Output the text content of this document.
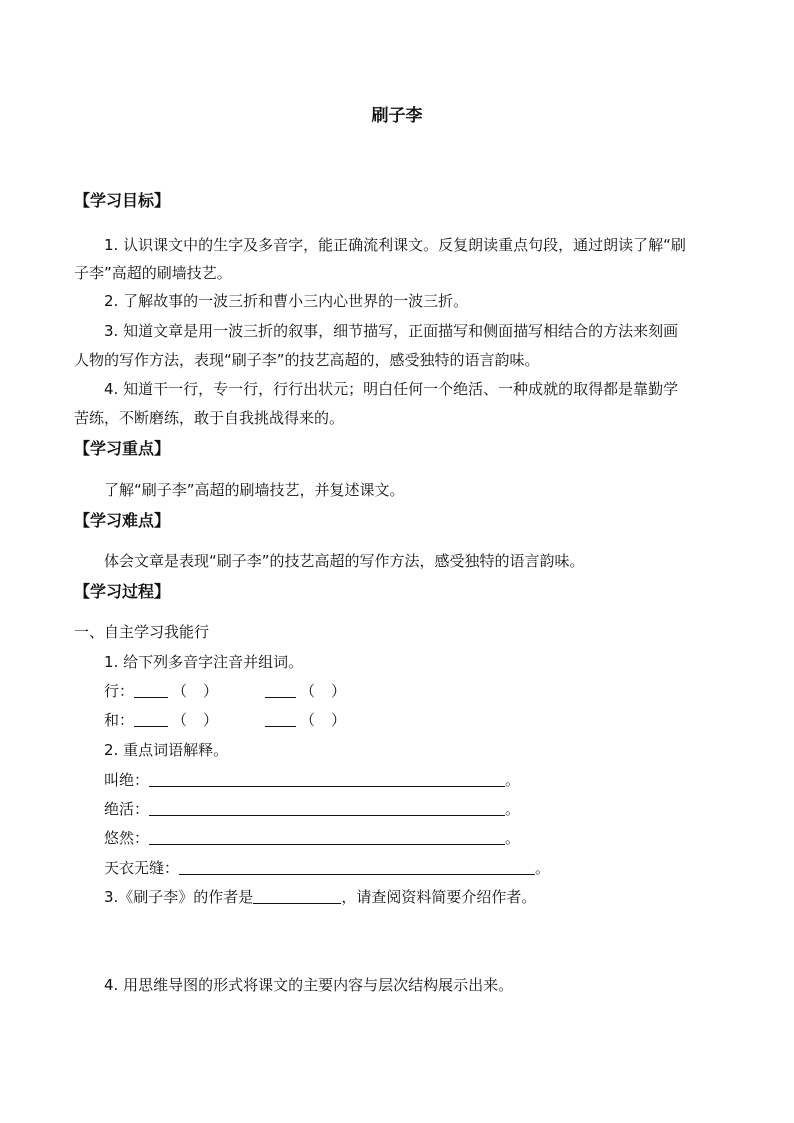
刷子李
【学习目标】
1. 认识课文中的生字及多音字，能正确流利课文。反复朗读重点句段，通过朗读了解“刷
子李”高超的刷墙技艺。
2. 了解故事的一波三折和曹小三内心世界的一波三折。
3. 知道文章是用一波三折的叙事，细节描写，正面描写和侧面描写相结合的方法来刻画
人物的写作方法，表现“刷子李”的技艺高超的，感受独特的语言韵味。
4. 知道干一行，专一行，行行出状元；明白任何一个绝活、一种成就的取得都是靠勤学
苦练，不断磨练，敢于自我挑战得来的。
【学习重点】
了解“刷子李”高超的刷墙技艺，并复述课文。
【学习难点】
体会文章是表现“刷子李”的技艺高超的写作方法，感受独特的语言韵味。
【学习过程】
一、自主学习我能行
1. 给下列多音字注音并组词。
行：	（ ）	（ ）
和：	（ ）	（ ）
2. 重点词语解释。
叫绝：	。
绝活：	。
悠然：	。
天衣无缝：	。
3.《刷子李》的作者是	，请查阅资料简要介绍作者。
4. 用思维导图的形式将课文的主要内容与层次结构展示出来。
